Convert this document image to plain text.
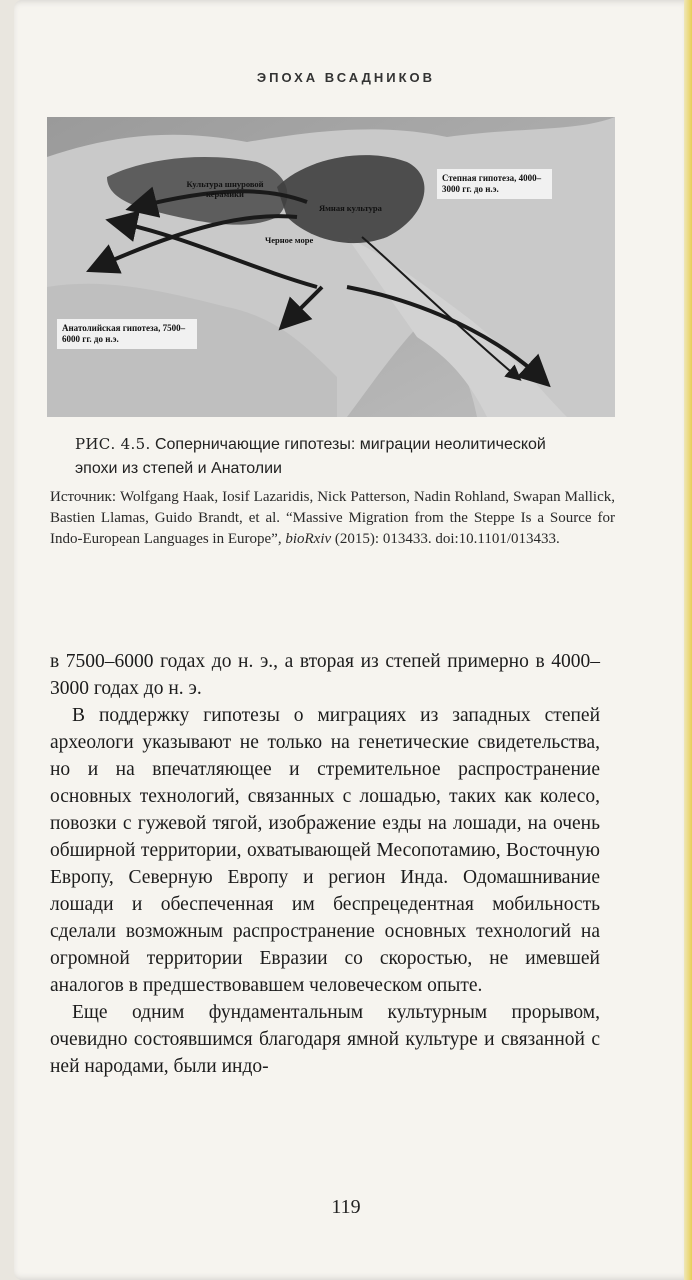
ЭПОХА ВСАДНИКОВ
Культура шнуровой керамики
Ямная культура
Черное море
Степная гипотеза, 4000–3000 гг. до н.э.
Анатолийская гипотеза, 7500–6000 гг. до н.э.
РИС. 4.5. Соперничающие гипотезы: миграции неолитической эпохи из степей и Анатолии
Источник: Wolfgang Haak, Iosif Lazaridis, Nick Patterson, Nadin Rohland, Swapan Mallick, Bastien Llamas, Guido Brandt, et al. “Massive Migration from the Steppe Is a Source for Indo-European Languages in Europe”, bioRxiv (2015): 013433. doi:10.1101/013433.

в 7500–6000 годах до н. э., а вторая из степей примерно в 4000–3000 годах до н. э.

В поддержку гипотезы о миграциях из западных степей археологи указывают не только на генетические свидетельства, но и на впечатляющее и стремительное распространение основных технологий, связанных с лошадью, таких как колесо, повозки с гужевой тягой, изображение езды на лошади, на очень обширной территории, охватывающей Месопотамию, Восточную Европу, Северную Европу и регион Инда. Одомашнивание лошади и обеспеченная им беспрецедентная мобильность сделали возможным распространение основных технологий на огромной территории Евразии со скоростью, не имевшей аналогов в предшествовавшем человеческом опыте.

Еще одним фундаментальным культурным прорывом, очевидно состоявшимся благодаря ямной культуре и связанной с ней народами, были индо-

119
